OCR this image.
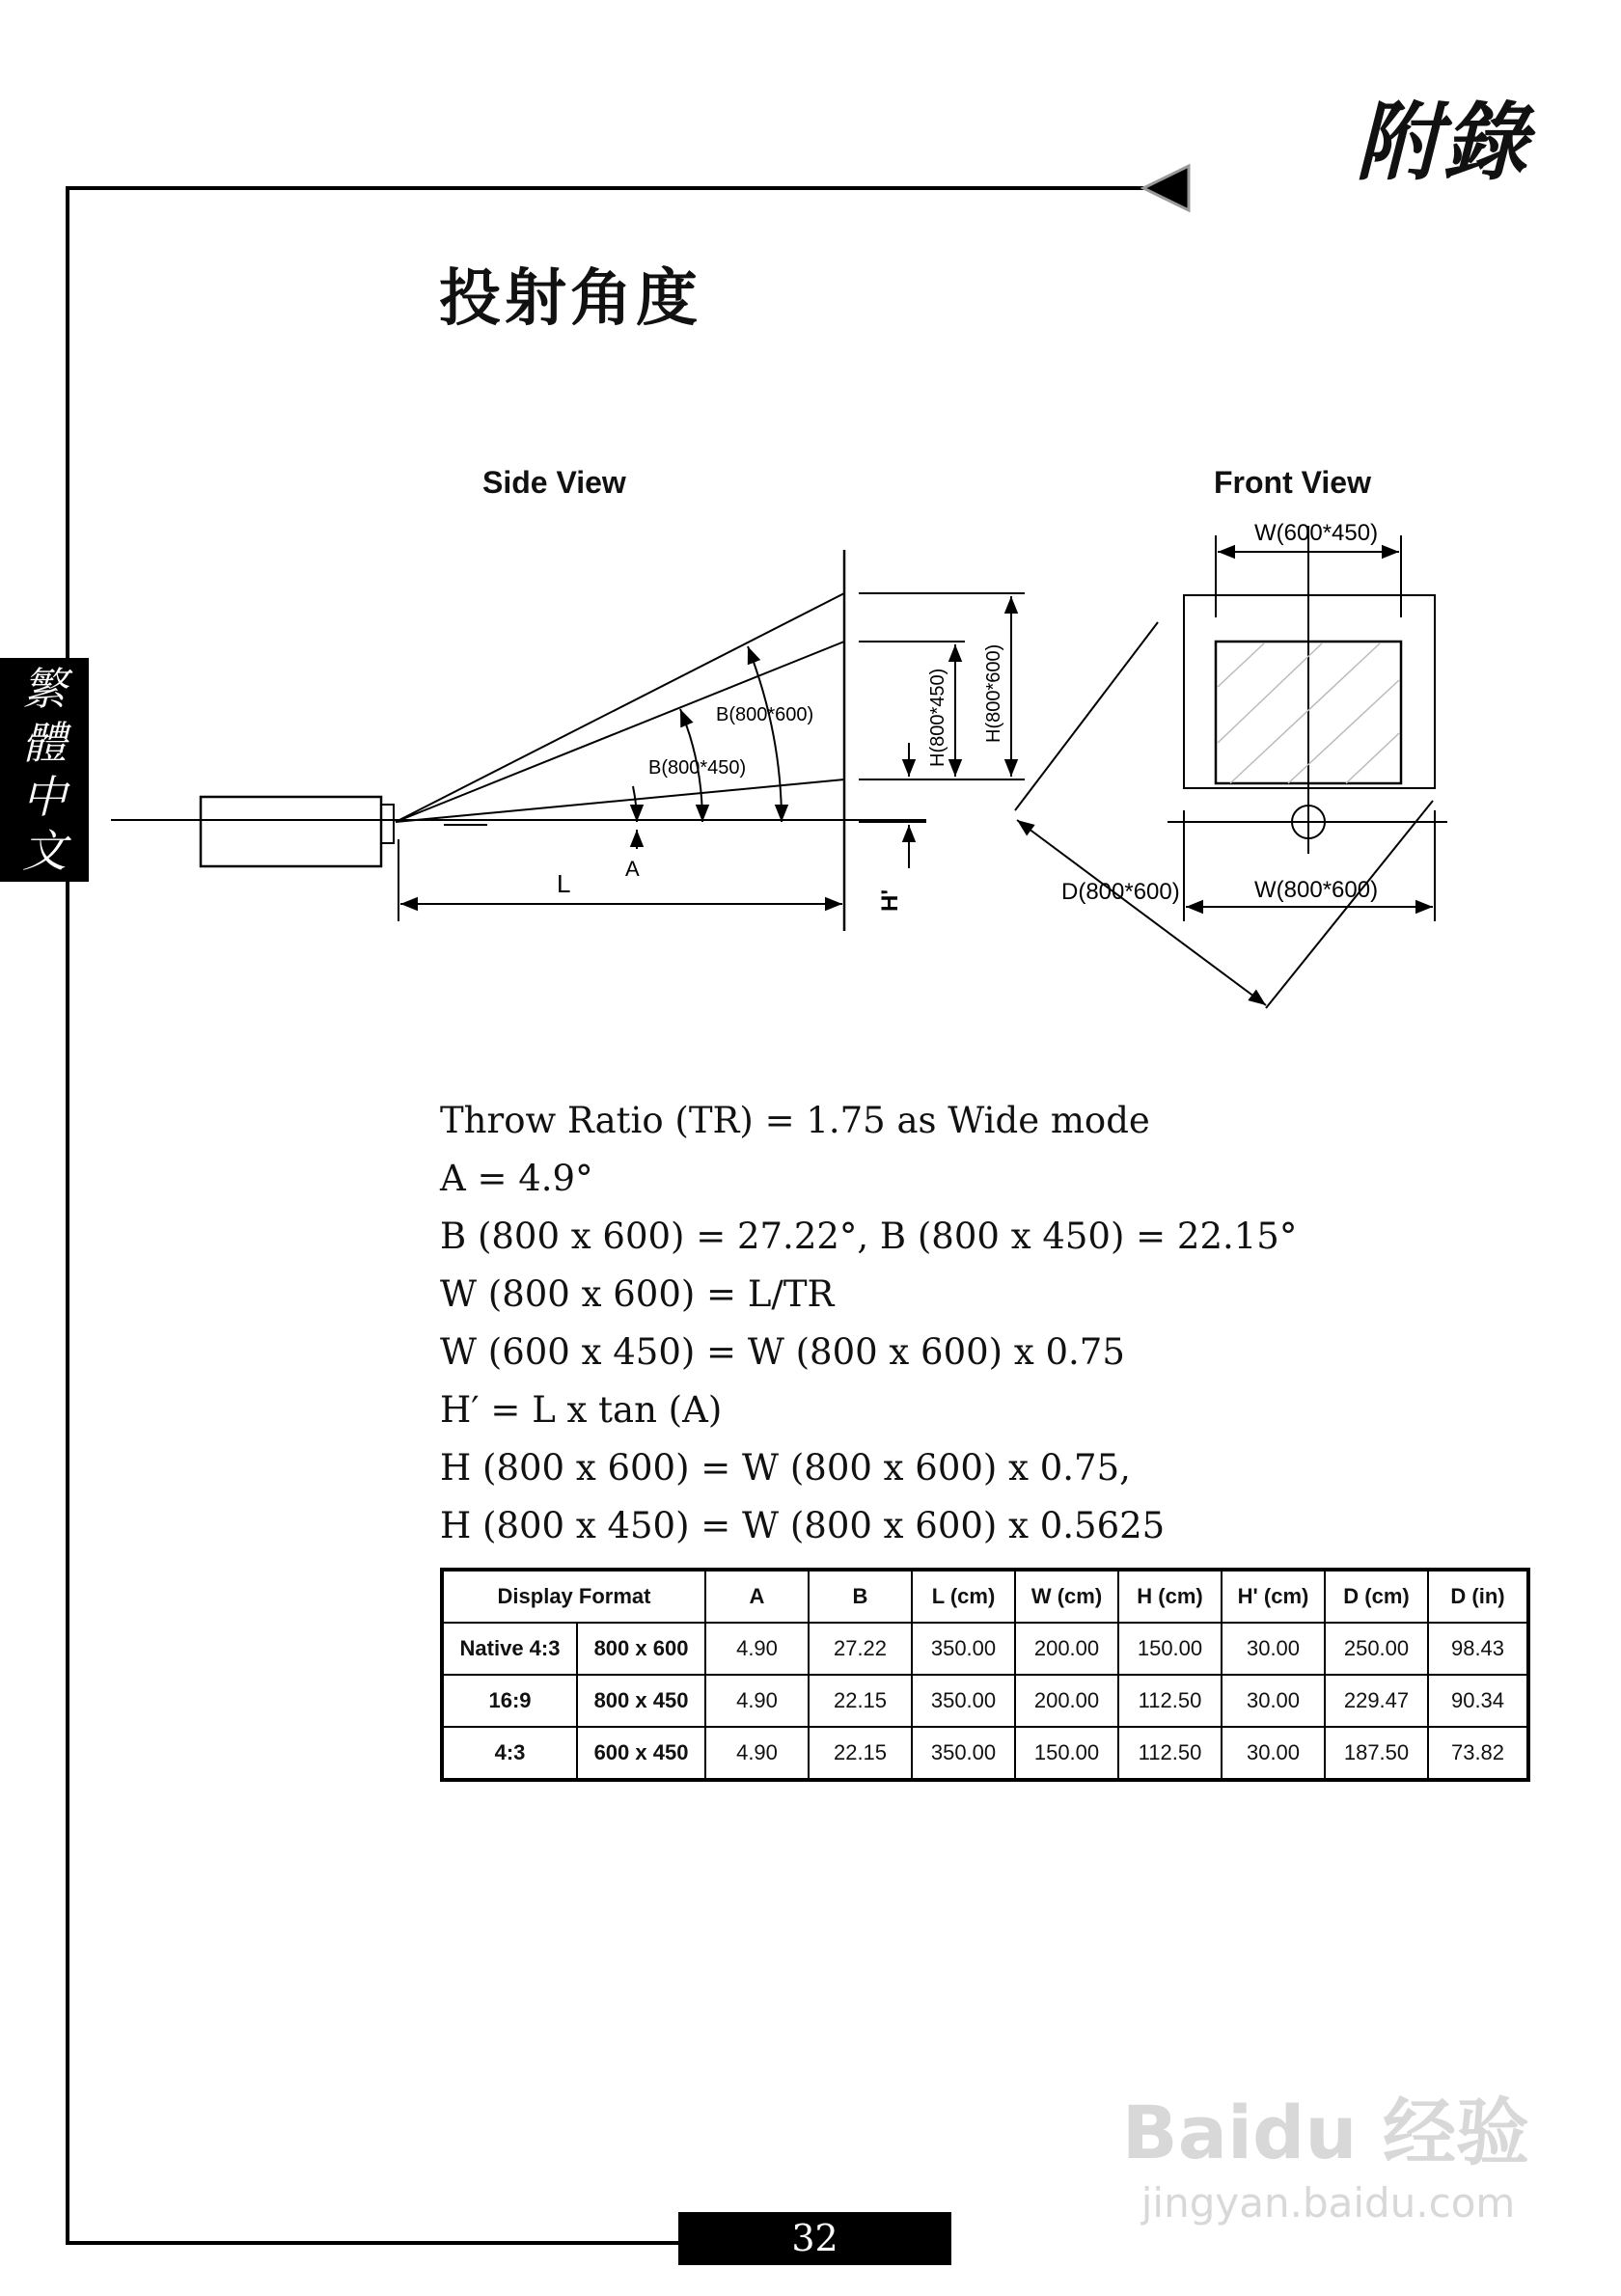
附錄
繁
體
中
文
投射角度
Side View	Front View
B(800*600)
B(800*450)
A
L
H(800*450) H(800*600)
H'
W(600*450)
D(800*600)	W(800*600)
Throw Ratio (TR) = 1.75 as Wide mode
A = 4.9°
B (800 x 600) = 27.22°, B (800 x 450) = 22.15°
W (800 x 600) = L/TR
W (600 x 450) = W (800 x 600) x 0.75
H′ = L x tan (A)
H (800 x 600) = W (800 x 600) x 0.75,
H (800 x 450) = W (800 x 600) x 0.5625
Display Format		A	B	L (cm)	W (cm)	H (cm)	H' (cm)	D (cm)	D (in)
Native 4:3	800 x 600	4.90	27.22	350.00	200.00	150.00	30.00	250.00	98.43
16:9	800 x 450	4.90	22.15	350.00	200.00	112.50	30.00	229.47	90.34
4:3	600 x 450	4.90	22.15	350.00	150.00	112.50	30.00	187.50	73.82
32
Baidu 经验
jingyan.baidu.com
